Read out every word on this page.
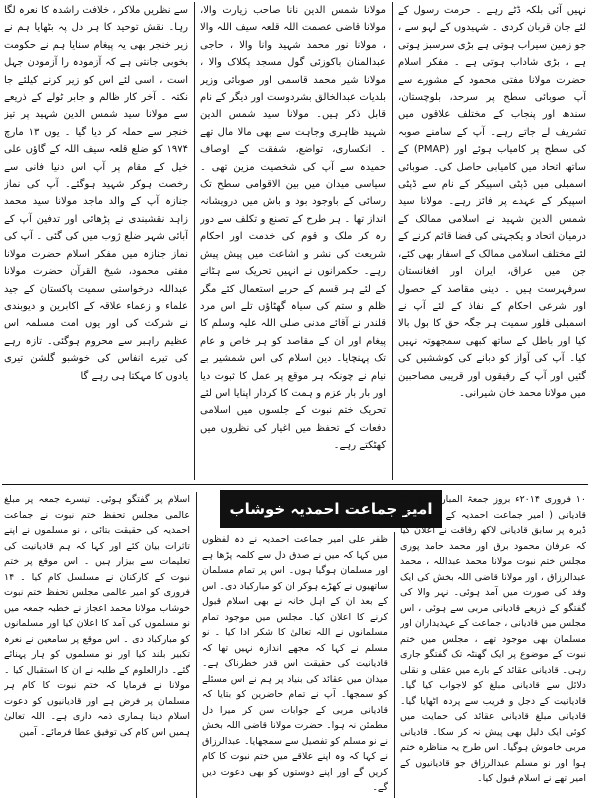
نہیں آئی بلکہ ڈٹے رہے ۔ حرمت رسول کے لئے جان قربان کردی ۔ شہیدوں کے لہو سے ، جو زمین سیراب ہوتی ہے بڑی سرسبز ہوتی ہے ، بڑی شاداب ہوتی ہے ۔ مفکر اسلام حضرت مولانا مفتی محمود کے مشورے سے آپ صوبائی سطح پر سرحد، بلوچستان، سندھ اور پنجاب کے مختلف علاقوں میں تشریف لے جاتے رہے۔ آپ کے سامنے صوبہ کی سطح پر کامیاب ہوئے اور (PMAP) کے ساتھ اتحاد میں کامیابی حاصل کی۔ صوبائی اسمبلی میں ڈپٹی اسپیکر کے نام سے ڈپٹی اسپیکر کے عہدے پر فائز رہے۔ مولانا سید شمس الدین شہید نے اسلامی ممالک کے درمیان اتحاد و یکجہتی کی فضا قائم کرنے کے لئے مختلف اسلامی ممالک کے اسفار بھی کئے، جن میں عراق، ایران اور افغانستان سرفہرست ہیں ۔ دینی مقاصد کے حصول اور شرعی احکام کے نفاذ کے لئے آپ نے اسمبلی فلور سمیت ہر جگہ حق کا بول بالا کیا اور باطل کے ساتھ کبھی سمجھوتہ نہیں کیا۔ آپ کی آواز کو دبانے کی کوششیں کی گئیں اور آپ کے رفیقوں اور قریبی مصاحبین میں مولانا محمد خان شیرانی۔

مولانا شمس الدین نانا صاحب زیارت والا، مولانا قاضی عصمت اللہ قلعہ سیف اللہ والا ، مولانا نور محمد شہید وانا والا ، حاجی عبدالمنان باکوزئی گول مسجد پکلاک والا ، مولانا شیر محمد قاسمی اور صوبائی وزیر بلدیات عبدالخالق بشردوست اور دیگر کے نام قابل ذکر ہیں۔ مولانا سید شمس الدین شہید ظاہری وجاہت سے بھی مالا مال تھے ۔ انکساری، تواضع، شفقت کے اوصاف حمیدہ سے آپ کی شخصیت مزین تھی ۔ سیاسی میدان میں بین الاقوامی سطح تک رسائی کے باوجود بود و باش میں درویشانہ انداز تھا ۔ ہر طرح کے تصنع و تکلف سے دور رہ کر ملک و قوم کی خدمت اور احکام شریعت کی نشر و اشاعت میں پیش پیش رہے۔ حکمرانوں نے انہیں تحریک سے ہٹانے کے لئے ہر قسم کے حربے استعمال کئے مگر ظلم و ستم کی سیاہ گھٹاؤں تلے اس مرد قلندر نے آقائے مدنی صلی اللہ علیہ وسلم کا پیغام اور ان کے مقاصد کو ہر خاص و عام تک پہنچایا۔ دین اسلام کی اس شمشیر بے نیام نے چونکہ ہر موقع پر عمل کا ثبوت دیا اور بار بار عزم و ہمت کا کردار اپنایا اس لئے تحریک ختم نبوت کے جلسوں میں اسلامی دفعات کے تحفظ میں اغیار کی نظروں میں کھٹکتے رہے۔

سے نظریں ملاکر ، خلافت راشدہ کا نعرہ لگا رہا۔ نقش توحید کا ہر دل پہ بٹھایا ہم نے زیر خنجر بھی یہ پیغام سنایا ہم نے حکومت بخوبی جانتی ہے کہ آزمودہ را آزمودن جہل است ، اسی لئے اس کو زیر کرنے کیلئے جا نکتہ ۔ آخر کار ظالم و جابر ٹولے کے ذریعے سے مولانا سید شمس الدین شہید پر تیز خنجر سے حملہ کر دیا گیا ۔ یوں ۱۳ مارچ ۱۹۷۴ کو ضلع قلعہ سیف اللہ کے گاؤں علی خیل کے مقام پر آپ اس دنیا فانی سے رخصت ہوکر شہید ہوگئے۔ آپ کی نماز جنازہ آپ کے والد ماجد مولانا سید محمد زاہد نقشبندی نے پڑھائی اور تدفین آپ کے آبائی شہر ضلع ژوب میں کی گئی ۔ آپ کی نماز جنازہ میں مفکر اسلام حضرت مولانا مفتی محمود، شیخ القرآن حضرت مولانا عبداللہ درخواستی سمیت پاکستان کے جید علماء و زعماء علاقہ کے اکابرین و دیوبندی نے شرکت کی اور یوں امت مسلمہ اس عظیم راہبر سے محروم ہوگئی۔ تازہ رہے کی تیرے انفاس کی خوشبو گلشن تیری یادوں کا مہکتا ہی رہے گا

امیر جماعت احمدیہ خوشاب

۱۰ فروری ۲۰۱۴ء بروز جمعۃ المبارک کو ایک قادیانی ( امیر جماعت احمدیہ کے امیر ) کے ڈیرہ پر سابق قادیانی لاکھ رفاقت نے اعلان کیا کہ عرفان محمود برق اور محمد حامد پوری مجلس ختم نبوت مولانا محمد عبداللہ ، محمد عبدالرزاق ، اور مولانا قاضی اللہ بخش کی ایک وفد کی صورت میں آمد ہوئی۔ نہر والا کی گفتگو کے ذریعے قادیانی مربی سے ہوئی ، اس مجلس میں قادیانی ، جماعت کے عہدیداران اور مسلمان بھی موجود تھے ، مجلس میں ختم نبوت کے موضوع پر ایک گھنٹہ تک گفتگو جاری رہی۔ قادیانی عقائد کے بارے میں عقلی و نقلی دلائل سے قادیانی مبلغ کو لاجواب کیا گیا۔ قادیانیت کے دجل و فریب سے پردہ اٹھایا گیا۔ قادیانی مبلغ قادیانی عقائد کی حمایت میں کوئی ایک دلیل بھی پیش نہ کر سکا۔ قادیانی مربی خاموش ہوگیا۔ اس طرح یہ مناظرہ ختم ہوا اور نو مسلم عبدالرزاق جو قادیانیوں کے امیر تھے نے اسلام قبول کیا۔

ظفر علی امیر جماعت احمدیہ نے دہ لفظوں میں کہا کہ میں نے صدق دل سے کلمہ پڑھا ہے اور مسلمان ہوگیا ہوں۔ اس پر تمام مسلمان ساتھیوں نے کھڑے ہوکر ان کو مبارکباد دی۔ اس کے بعد ان کے اہل خانہ نے بھی اسلام قبول کرنے کا اعلان کیا۔ مجلس میں موجود تمام مسلمانوں نے اللہ تعالیٰ کا شکر ادا کیا ۔ نو مسلم نے کہا کہ مجھے اندازہ نہیں تھا کہ قادیانیت کی حقیقت اس قدر خطرناک ہے۔ میدان میں عقائد کی بنیاد پر ہم نے اس مسئلے کو سمجھا۔ آپ نے تمام حاضرین کو بتایا کہ قادیانی مربی کے جوابات سن کر میرا دل مطمئن نہ ہوا۔ حضرت مولانا قاضی اللہ بخش نے نو مسلم کو تفصیل سے سمجھایا۔ عبدالرزاق نے کہا کہ وہ اپنے علاقے میں ختم نبوت کا کام کریں گے اور اپنے دوستوں کو بھی دعوت دیں گے۔

اسلام پر گفتگو ہوئی۔ تیسرے جمعہ پر مبلغ عالمی مجلس تحفظ ختم نبوت نے جماعت احمدیہ کی حقیقت بتائی ، نو مسلموں نے اپنے تاثرات بیان کئے اور کہا کہ ہم قادیانیت کی تعلیمات سے بیزار ہیں ۔ اس موقع پر ختم نبوت کے کارکنان نے مسلسل کام کیا ۔ ۱۴ فروری کو امیر عالمی مجلس تحفظ ختم نبوت خوشاب مولانا محمد اعجاز نے خطبہ جمعہ میں نو مسلموں کی آمد کا اعلان کیا اور مسلمانوں کو مبارکباد دی ۔ اس موقع پر سامعین نے نعرہ تکبیر بلند کیا اور نو مسلموں کو ہار پہنائے گئے۔ دارالعلوم کے طلبہ نے ان کا استقبال کیا ۔ مولانا نے فرمایا کہ ختم نبوت کا کام ہر مسلمان پر فرض ہے اور قادیانیوں کو دعوت اسلام دینا ہماری ذمہ داری ہے۔ اللہ تعالیٰ ہمیں اس کام کی توفیق عطا فرمائے۔ آمین
